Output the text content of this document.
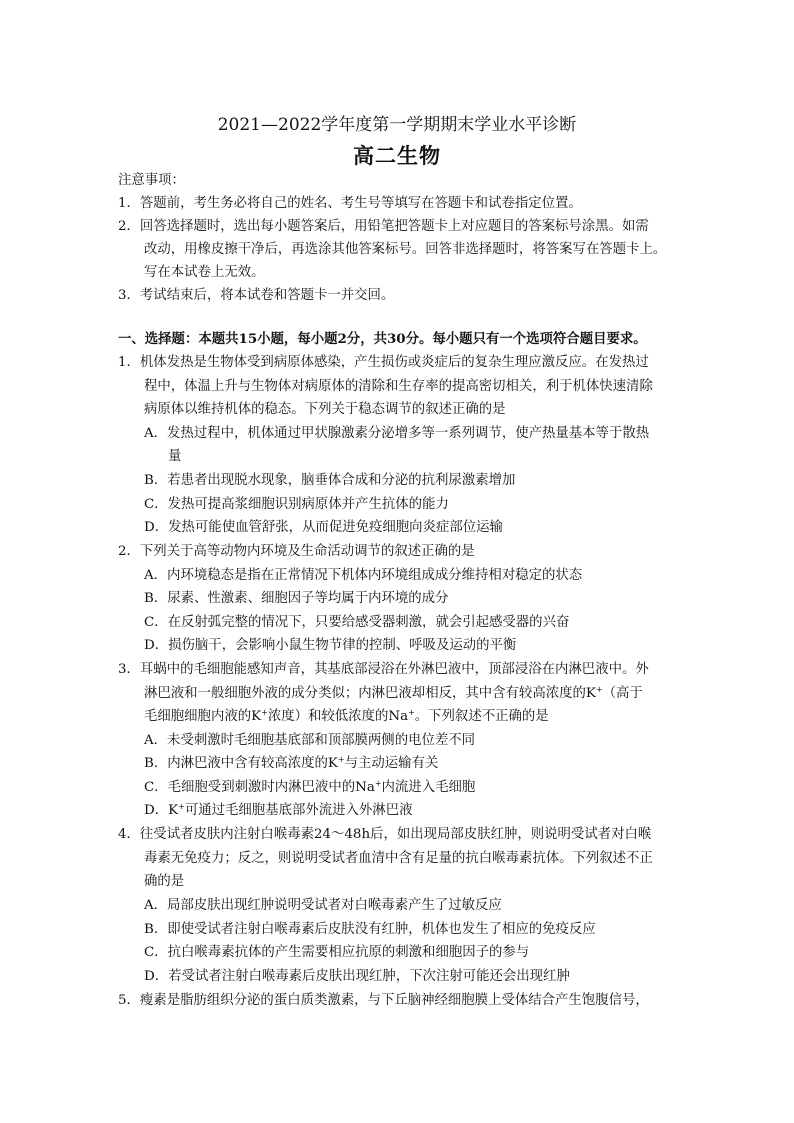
2021—2022学年度第一学期期末学业水平诊断
高二生物
注意事项：
1．答题前，考生务必将自己的姓名、考生号等填写在答题卡和试卷指定位置。
2．回答选择题时，选出每小题答案后，用铅笔把答题卡上对应题目的答案标号涂黑。如需
改动，用橡皮擦干净后，再选涂其他答案标号。回答非选择题时，将答案写在答题卡上。
写在本试卷上无效。
3．考试结束后，将本试卷和答题卡一并交回。
一、选择题：本题共15小题，每小题2分，共30分。每小题只有一个选项符合题目要求。
1．机体发热是生物体受到病原体感染，产生损伤或炎症后的复杂生理应激反应。在发热过
程中，体温上升与生物体对病原体的清除和生存率的提高密切相关，利于机体快速清除
病原体以维持机体的稳态。下列关于稳态调节的叙述正确的是
A．发热过程中，机体通过甲状腺激素分泌增多等一系列调节，使产热量基本等于散热
量
B．若患者出现脱水现象，脑垂体合成和分泌的抗利尿激素增加
C．发热可提高浆细胞识别病原体并产生抗体的能力
D．发热可能使血管舒张，从而促进免疫细胞向炎症部位运输
2．下列关于高等动物内环境及生命活动调节的叙述正确的是
A．内环境稳态是指在正常情况下机体内环境组成成分维持相对稳定的状态
B．尿素、性激素、细胞因子等均属于内环境的成分
C．在反射弧完整的情况下，只要给感受器刺激，就会引起感受器的兴奋
D．损伤脑干，会影响小鼠生物节律的控制、呼吸及运动的平衡
3．耳蜗中的毛细胞能感知声音，其基底部浸浴在外淋巴液中，顶部浸浴在内淋巴液中。外
淋巴液和一般细胞外液的成分类似；内淋巴液却相反，其中含有较高浓度的K+（高于
毛细胞细胞内液的K+浓度）和较低浓度的Na+。下列叙述不正确的是
A．未受刺激时毛细胞基底部和顶部膜两侧的电位差不同
B．内淋巴液中含有较高浓度的K+与主动运输有关
C．毛细胞受到刺激时内淋巴液中的Na+内流进入毛细胞
D．K+可通过毛细胞基底部外流进入外淋巴液
4．往受试者皮肤内注射白喉毒素24～48h后，如出现局部皮肤红肿，则说明受试者对白喉
毒素无免疫力；反之，则说明受试者血清中含有足量的抗白喉毒素抗体。下列叙述不正
确的是
A．局部皮肤出现红肿说明受试者对白喉毒素产生了过敏反应
B．即使受试者注射白喉毒素后皮肤没有红肿，机体也发生了相应的免疫反应
C．抗白喉毒素抗体的产生需要相应抗原的刺激和细胞因子的参与
D．若受试者注射白喉毒素后皮肤出现红肿，下次注射可能还会出现红肿
5．瘦素是脂肪组织分泌的蛋白质类激素，与下丘脑神经细胞膜上受体结合产生饱腹信号，
